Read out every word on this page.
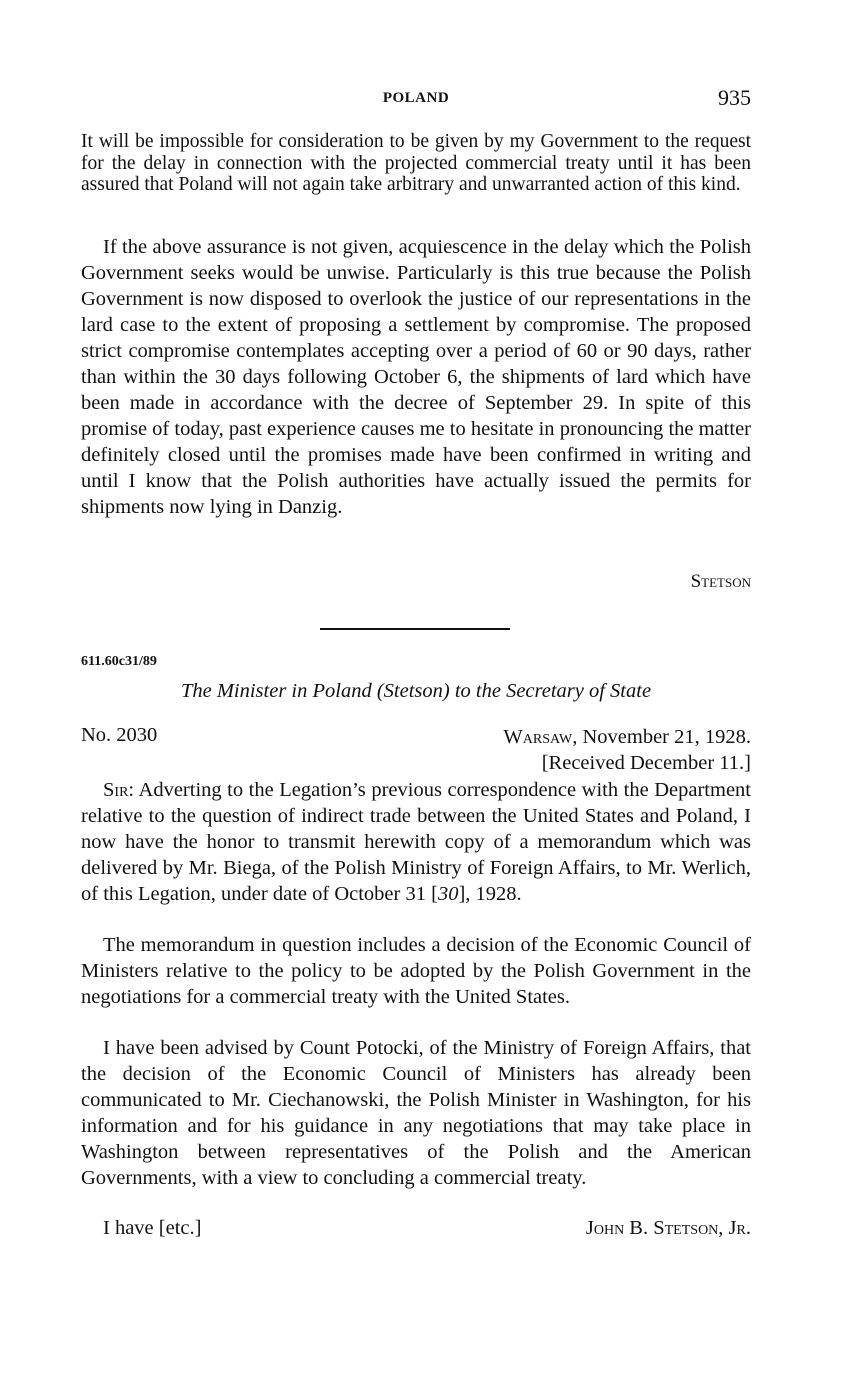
POLAND	935

It will be impossible for consideration to be given by my Government to the request for the delay in connection with the projected commercial treaty until it has been assured that Poland will not again take arbitrary and unwarranted action of this kind.

If the above assurance is not given, acquiescence in the delay which the Polish Government seeks would be unwise. Particularly is this true because the Polish Government is now disposed to overlook the justice of our representations in the lard case to the extent of proposing a settlement by compromise. The proposed strict compromise contemplates accepting over a period of 60 or 90 days, rather than within the 30 days following October 6, the shipments of lard which have been made in accordance with the decree of September 29. In spite of this promise of today, past experience causes me to hesitate in pronouncing the matter definitely closed until the promises made have been confirmed in writing and until I know that the Polish authorities have actually issued the permits for shipments now lying in Danzig.

Stetson
611.60c31/89
The Minister in Poland (Stetson) to the Secretary of State
No. 2030	Warsaw, November 21, 1928.
[Received December 11.]

Sir: Adverting to the Legation’s previous correspondence with the Department relative to the question of indirect trade between the United States and Poland, I now have the honor to transmit herewith copy of a memorandum which was delivered by Mr. Biega, of the Polish Ministry of Foreign Affairs, to Mr. Werlich, of this Legation, under date of October 31 [30], 1928.

The memorandum in question includes a decision of the Economic Council of Ministers relative to the policy to be adopted by the Polish Government in the negotiations for a commercial treaty with the United States.

I have been advised by Count Potocki, of the Ministry of Foreign Affairs, that the decision of the Economic Council of Ministers has already been communicated to Mr. Ciechanowski, the Polish Minister in Washington, for his information and for his guidance in any negotiations that may take place in Washington between representatives of the Polish and the American Governments, with a view to concluding a commercial treaty.

I have [etc.]	John B. Stetson, Jr.
